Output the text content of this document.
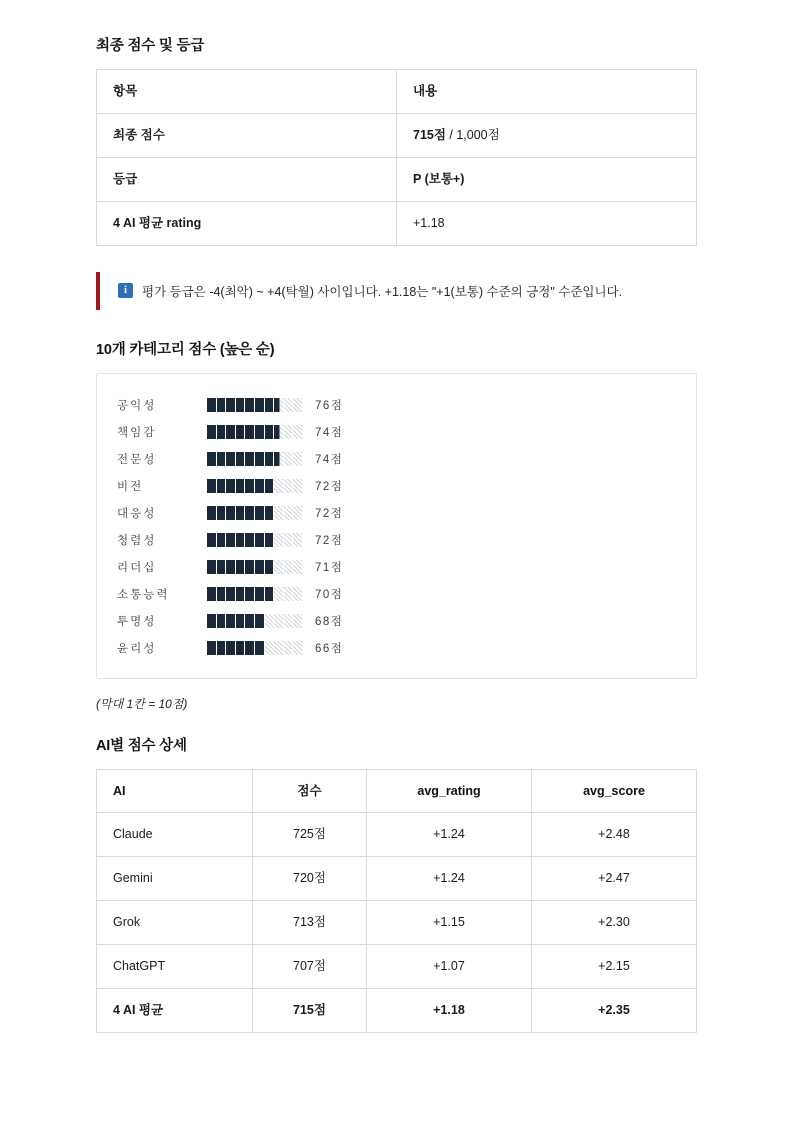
최종 점수 및 등급
항목	내용
최종 점수	715점 / 1,000점
등급	P (보통+)
4 AI 평균 rating	+1.18
i	평가 등급은 -4(최악) ~ +4(탁월) 사이입니다. +1.18는 "+1(보통) 수준의 긍정" 수준입니다.
10개 카테고리 점수 (높은 순)
공익성	76점
책임감	74점
전문성	74점
비전	72점
대응성	72점
청렴성	72점
리더십	71점
소통능력	70점
투명성	68점
윤리성	66점

(막대 1칸 = 10점)

AI별 점수 상세
AI	점수	avg_rating	avg_score
Claude	725점	+1.24	+2.48
Gemini	720점	+1.24	+2.47
Grok	713점	+1.15	+2.30
ChatGPT	707점	+1.07	+2.15
4 AI 평균	715점	+1.18	+2.35
